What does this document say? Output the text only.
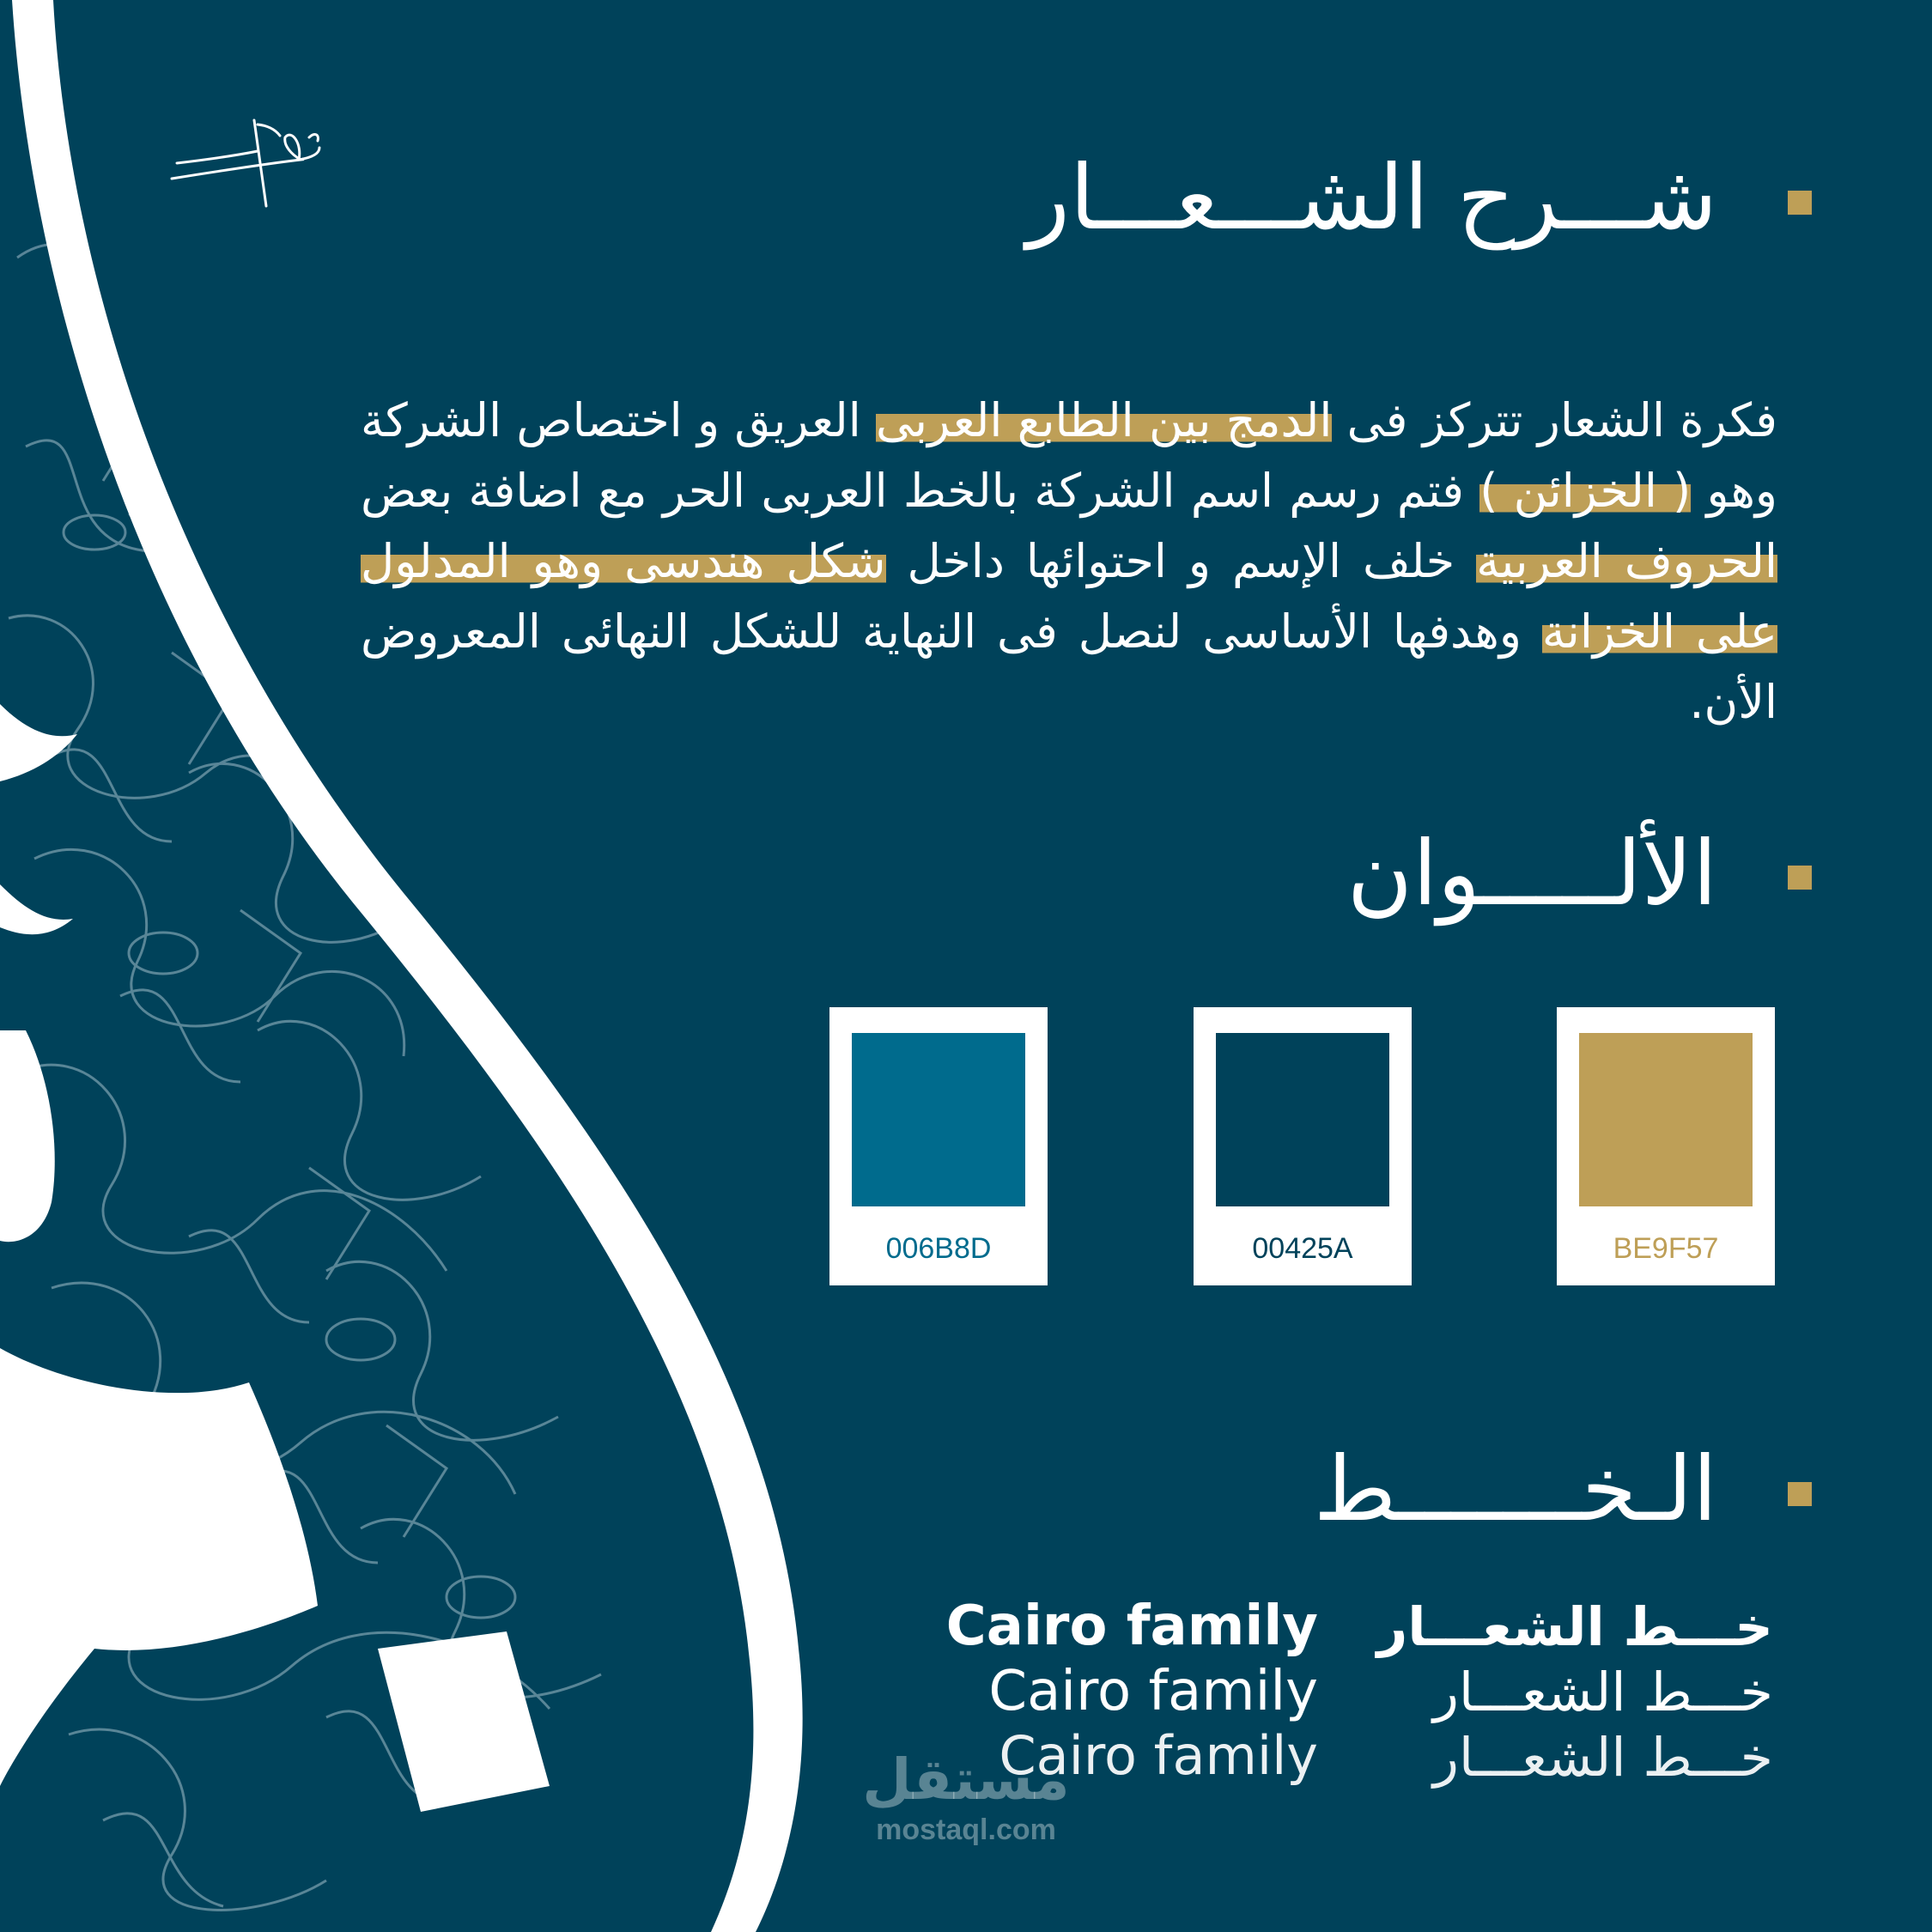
شـــرح الشـــعـــار

فكرة الشعار تتركز فى الدمج بين الطابع العربى العريق و اختصاص الشركة وهو ( الخزائن ) فتم رسم اسم الشركة بالخط العربى الحر مع اضافة بعض الحروف العربية خلف الإسم و احتوائها داخل شكل هندسى وهو المدلول على الخزانة وهدفها الأساسى لنصل فى النهاية للشكل النهائى المعروض الأن.

الألـــــوان
006B8D	00425A	BE9F57
الـخـــــــط
Cairo family
Cairo family
Cairo family
خـــط الشعـــار
خـــط الشعـــار
خـــط الشعـــار
مستقل
mostaql.com
